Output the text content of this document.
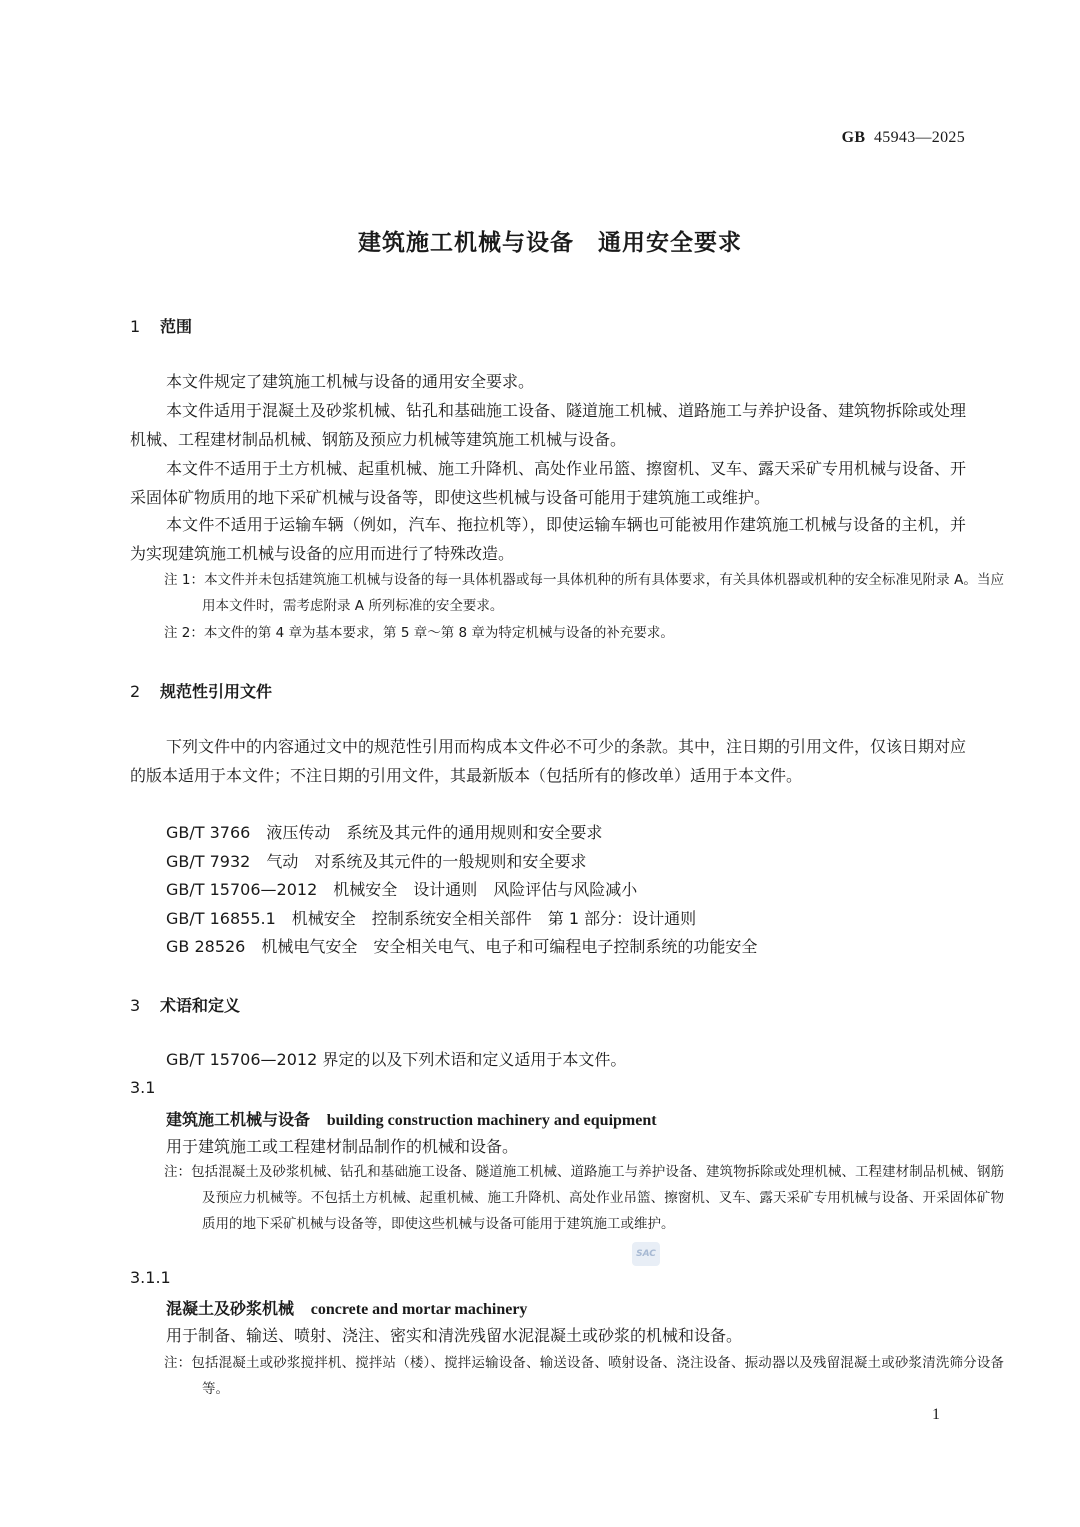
GB 45943—2025
建筑施工机械与设备　通用安全要求
1 范围

本文件规定了建筑施工机械与设备的通用安全要求。

本文件适用于混凝土及砂浆机械、钻孔和基础施工设备、隧道施工机械、道路施工与养护设备、建筑物拆除或处理机械、工程建材制品机械、钢筋及预应力机械等建筑施工机械与设备。

本文件不适用于土方机械、起重机械、施工升降机、高处作业吊篮、擦窗机、叉车、露天采矿专用机械与设备、开采固体矿物质用的地下采矿机械与设备等，即使这些机械与设备可能用于建筑施工或维护。

本文件不适用于运输车辆（例如，汽车、拖拉机等），即使运输车辆也可能被用作建筑施工机械与设备的主机，并为实现建筑施工机械与设备的应用而进行了特殊改造。

注 1：本文件并未包括建筑施工机械与设备的每一具体机器或每一具体机种的所有具体要求，有关具体机器或机种的安全标准见附录 A。当应用本文件时，需考虑附录 A 所列标准的安全要求。

注 2：本文件的第 4 章为基本要求，第 5 章～第 8 章为特定机械与设备的补充要求。

2 规范性引用文件

下列文件中的内容通过文中的规范性引用而构成本文件必不可少的条款。其中，注日期的引用文件，仅该日期对应的版本适用于本文件；不注日期的引用文件，其最新版本（包括所有的修改单）适用于本文件。

GB/T 3766　液压传动　系统及其元件的通用规则和安全要求
GB/T 7932　气动　对系统及其元件的一般规则和安全要求
GB/T 15706—2012　机械安全　设计通则　风险评估与风险减小
GB/T 16855.1　机械安全　控制系统安全相关部件　第 1 部分：设计通则
GB 28526　机械电气安全　安全相关电气、电子和可编程电子控制系统的功能安全
3 术语和定义
GB/T 15706—2012 界定的以及下列术语和定义适用于本文件。
3.1
建筑施工机械与设备 building construction machinery and equipment
用于建筑施工或工程建材制品制作的机械和设备。

注：包括混凝土及砂浆机械、钻孔和基础施工设备、隧道施工机械、道路施工与养护设备、建筑物拆除或处理机械、工程建材制品机械、钢筋及预应力机械等。不包括土方机械、起重机械、施工升降机、高处作业吊篮、擦窗机、叉车、露天采矿专用机械与设备、开采固体矿物质用的地下采矿机械与设备等，即使这些机械与设备可能用于建筑施工或维护。

SAC
3.1.1
混凝土及砂浆机械 concrete and mortar machinery
用于制备、输送、喷射、浇注、密实和清洗残留水泥混凝土或砂浆的机械和设备。

注：包括混凝土或砂浆搅拌机、搅拌站（楼）、搅拌运输设备、输送设备、喷射设备、浇注设备、振动器以及残留混凝土或砂浆清洗筛分设备等。

1
